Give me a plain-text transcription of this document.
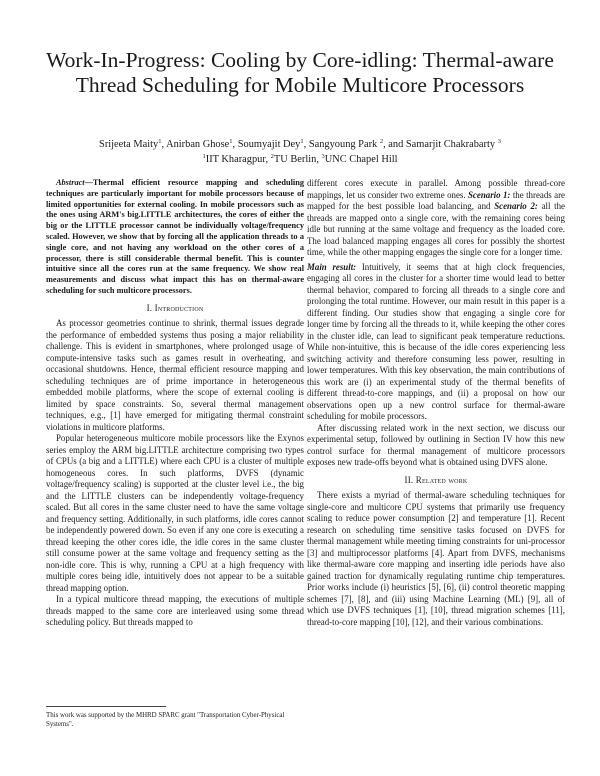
Work-In-Progress: Cooling by Core-idling: Thermal-aware Thread Scheduling for Mobile Multicore Processors
Srijeeta Maity$^1$, Anirban Ghose$^1$, Soumyajit Dey$^1$, Sangyoung Park $^2$, and Samarjit Chakrabarty $^3$
$^1$IIT Kharagpur, $^2$TU Berlin, $^3$UNC Chapel Hill

Abstract—Thermal efficient resource mapping and scheduling techniques are particularly important for mobile processors because of limited opportunities for external cooling. In mobile processors such as the ones using ARM's big.LITTLE architectures, the cores of either the big or the LITTLE processor cannot be individually voltage/frequency scaled. However, we show that by forcing all the application threads to a single core, and not having any workload on the other cores of a processor, there is still considerable thermal benefit. This is counter intuitive since all the cores run at the same frequency. We show real measurements and discuss what impact this has on thermal-aware scheduling for such multicore processors.

I. Introduction

As processor geometries continue to shrink, thermal issues degrade the performance of embedded systems thus posing a major reliability challenge. This is evident in smartphones, where prolonged usage of compute-intensive tasks such as games result in overheating, and occasional shutdowns. Hence, thermal efficient resource mapping and scheduling techniques are of prime importance in heterogeneous embedded mobile platforms, where the scope of external cooling is limited by space constraints. So, several thermal management techniques, e.g., [1] have emerged for mitigating thermal constraint violations in multicore platforms.

Popular heterogeneous multicore mobile processors like the Exynos series employ the ARM big.LITTLE architecture comprising two types of CPUs (a big and a LITTLE) where each CPU is a cluster of multiple homogeneous cores. In such platforms, DVFS (dynamic voltage/frequency scaling) is supported at the cluster level i.e., the big and the LITTLE clusters can be independently voltage-frequency scaled. But all cores in the same cluster need to have the same voltage and frequency setting. Additionally, in such platforms, idle cores cannot be independently powered down. So even if any one core is executing a thread keeping the other cores idle, the idle cores in the same cluster still consume power at the same voltage and frequency setting as the non-idle core. This is why, running a CPU at a high frequency with multiple cores being idle, intuitively does not appear to be a suitable thread mapping option.

In a typical multicore thread mapping, the executions of multiple threads mapped to the same core are interleaved using some thread scheduling policy. But threads mapped to

different cores execute in parallel. Among possible thread-core mappings, let us consider two extreme ones. Scenario 1: the threads are mapped for the best possible load balancing, and Scenario 2: all the threads are mapped onto a single core, with the remaining cores being idle but running at the same voltage and frequency as the loaded core. The load balanced mapping engages all cores for possibly the shortest time, while the other mapping engages the single core for a longer time.

Main result: Intuitively, it seems that at high clock frequencies, engaging all cores in the cluster for a shorter time would lead to better thermal behavior, compared to forcing all threads to a single core and prolonging the total runtime. However, our main result in this paper is a different finding. Our studies show that engaging a single core for longer time by forcing all the threads to it, while keeping the other cores in the cluster idle, can lead to significant peak temperature reductions. While non-intuitive, this is because of the idle cores experiencing less switching activity and therefore consuming less power, resulting in lower temperatures. With this key observation, the main contributions of this work are (i) an experimental study of the thermal benefits of different thread-to-core mappings, and (ii) a proposal on how our observations open up a new control surface for thermal-aware scheduling for mobile processors.

After discussing related work in the next section, we discuss our experimental setup, followed by outlining in Section IV how this new control surface for thermal management of multicore processors exposes new trade-offs beyond what is obtained using DVFS alone.

II. Related work

There exists a myriad of thermal-aware scheduling techniques for single-core and multicore CPU systems that primarily use frequency scaling to reduce power consumption [2] and temperature [1]. Recent research on scheduling time sensitive tasks focused on DVFS for thermal management while meeting timing constraints for uni-processor [3] and multiprocessor platforms [4]. Apart from DVFS, mechanisms like thermal-aware core mapping and inserting idle periods have also gained traction for dynamically regulating runtime chip temperatures. Prior works include (i) heuristics [5], [6], (ii) control theoretic mapping schemes [7], [8], and (iii) using Machine Learning (ML) [9], all of which use DVFS techniques [1], [10], thread migration schemes [11], thread-to-core mapping [10], [12], and their various combinations.

This work was supported by the MHRD SPARC grant "Transportation Cyber-Physical Systems".
